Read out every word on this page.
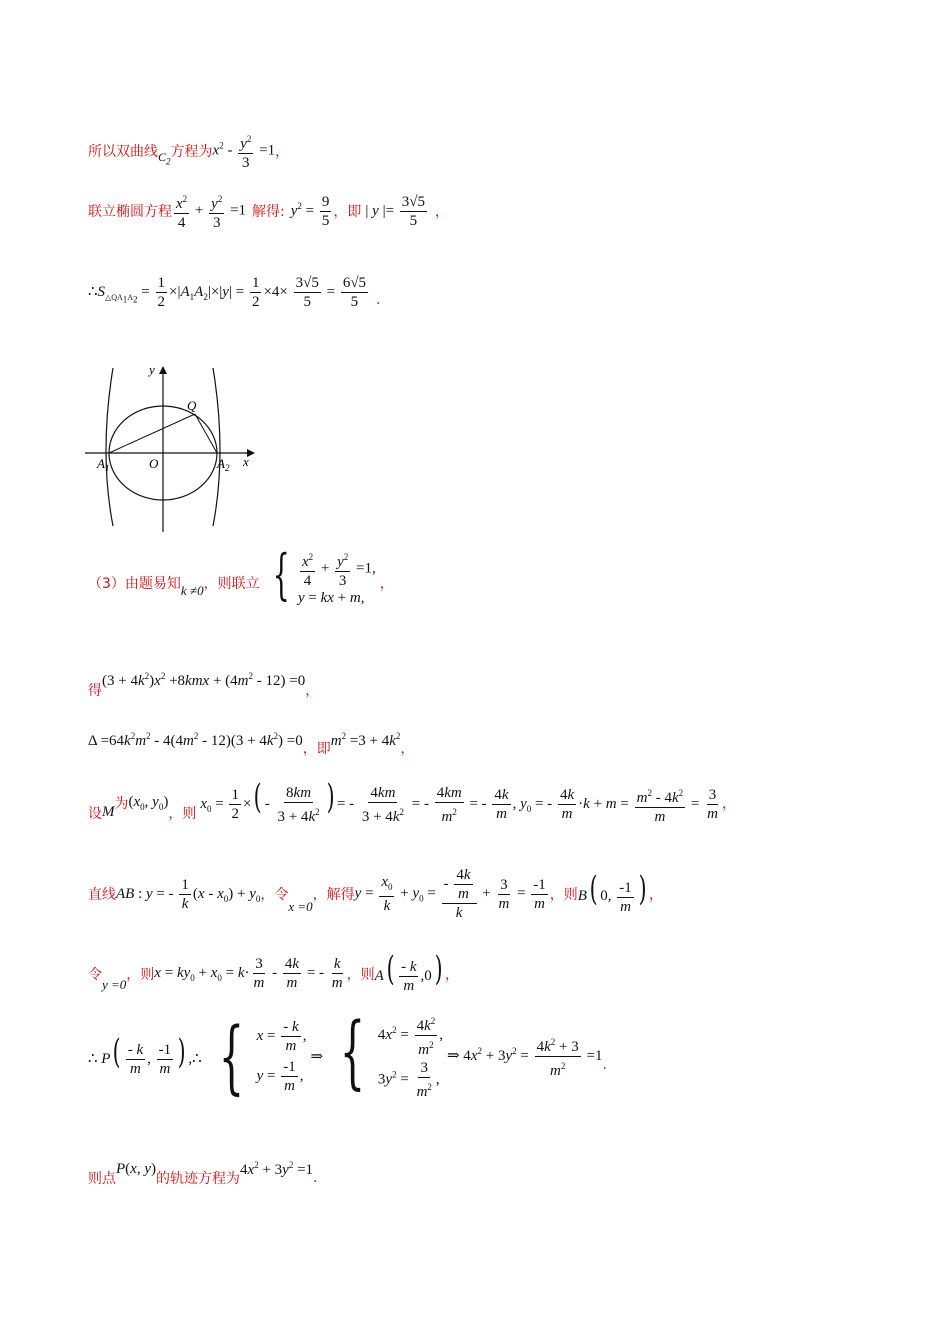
所以双曲线 $C_2$
方程为 $x^2 - \frac{y^2}{3} =1$ ，
联立椭圆方程 $\frac{x^2}{4} + \frac{y^2}{3} =1$ 解得: $y^2 = \frac{9}{5}$ ，即 | y |= $\frac{3√5}{5}$ ，
$\therefore S_{\triangle QA_1A_2} = \frac{1}{2} \times|A_1A_2|\times|y| = \frac{1}{2} \times 4\times \frac{3√5}{5} = \frac{6√5}{5}$ .
y
x
Q
O
$A_1$	$A_2$
（3）由题易知 k ≠0 ，则联立 { $\frac{x^2}{4} + \frac{y^2}{3} =1$,
y = kx + m,
，
得
$(3 + 4k^2)x^2 +8kmx + (4m^2 - 12) =0$
，
$\Delta =64k^2m^2 - 4(4m^2 - 12)(3 + 4k^2) =0$
，即
$m^2 =3 + 4k^2$
，
设 M
为 ($x_0$, $y_0$)
，则
$x_0 = \frac{1}{2}$ ×( - $\frac{8km}{3 + 4k^2}$ ) = - $\frac{4km}{3 + 4k^2}$ = - $\frac{4km}{m^2}$ = - $\frac{4k}{m}$ , $y_0$ = - $\frac{4k}{m} \cdot k + m = \frac{m^2 - 4k^2}{m} = \frac{3}{m}$ ，
直线 AB : y = - $\frac{1}{k} (x - x_0) + y_0$ ，令
x =0
，解得 $y = \frac{x_0}{k} + y_0 = \frac{- \frac{4k}{m}}{k} + \frac{3}{m} = \frac{-1}{m}$ ，则 B( 0, $\frac{-1}{m}$ ) ，
令
y =0
，则 $x = ky_0 + x_0 = k\cdot \frac{3}{m} - \frac{4k}{m}$ = - $\frac{k}{m}$ ，则 $A( \frac{- k}{m} ,0)$ ，
∴ $P( \frac{- k}{m}$ , $\frac{-1}{m}$ ) ,∴ { $x = \frac{- k}{m}$ ,
$y = \frac{-1}{m}$ ,
⇒ { $4x^2 = \frac{4k^2}{m^2}$ ,
$3y^2 = \frac{3}{m^2}$ ,
⇒ $4x^2 + 3y^2 = \frac{4k^2 + 3}{m^2} =1$
.
则点
P(x, y)
的轨迹方程为
$4x^2 + 3y^2 =1$
.
